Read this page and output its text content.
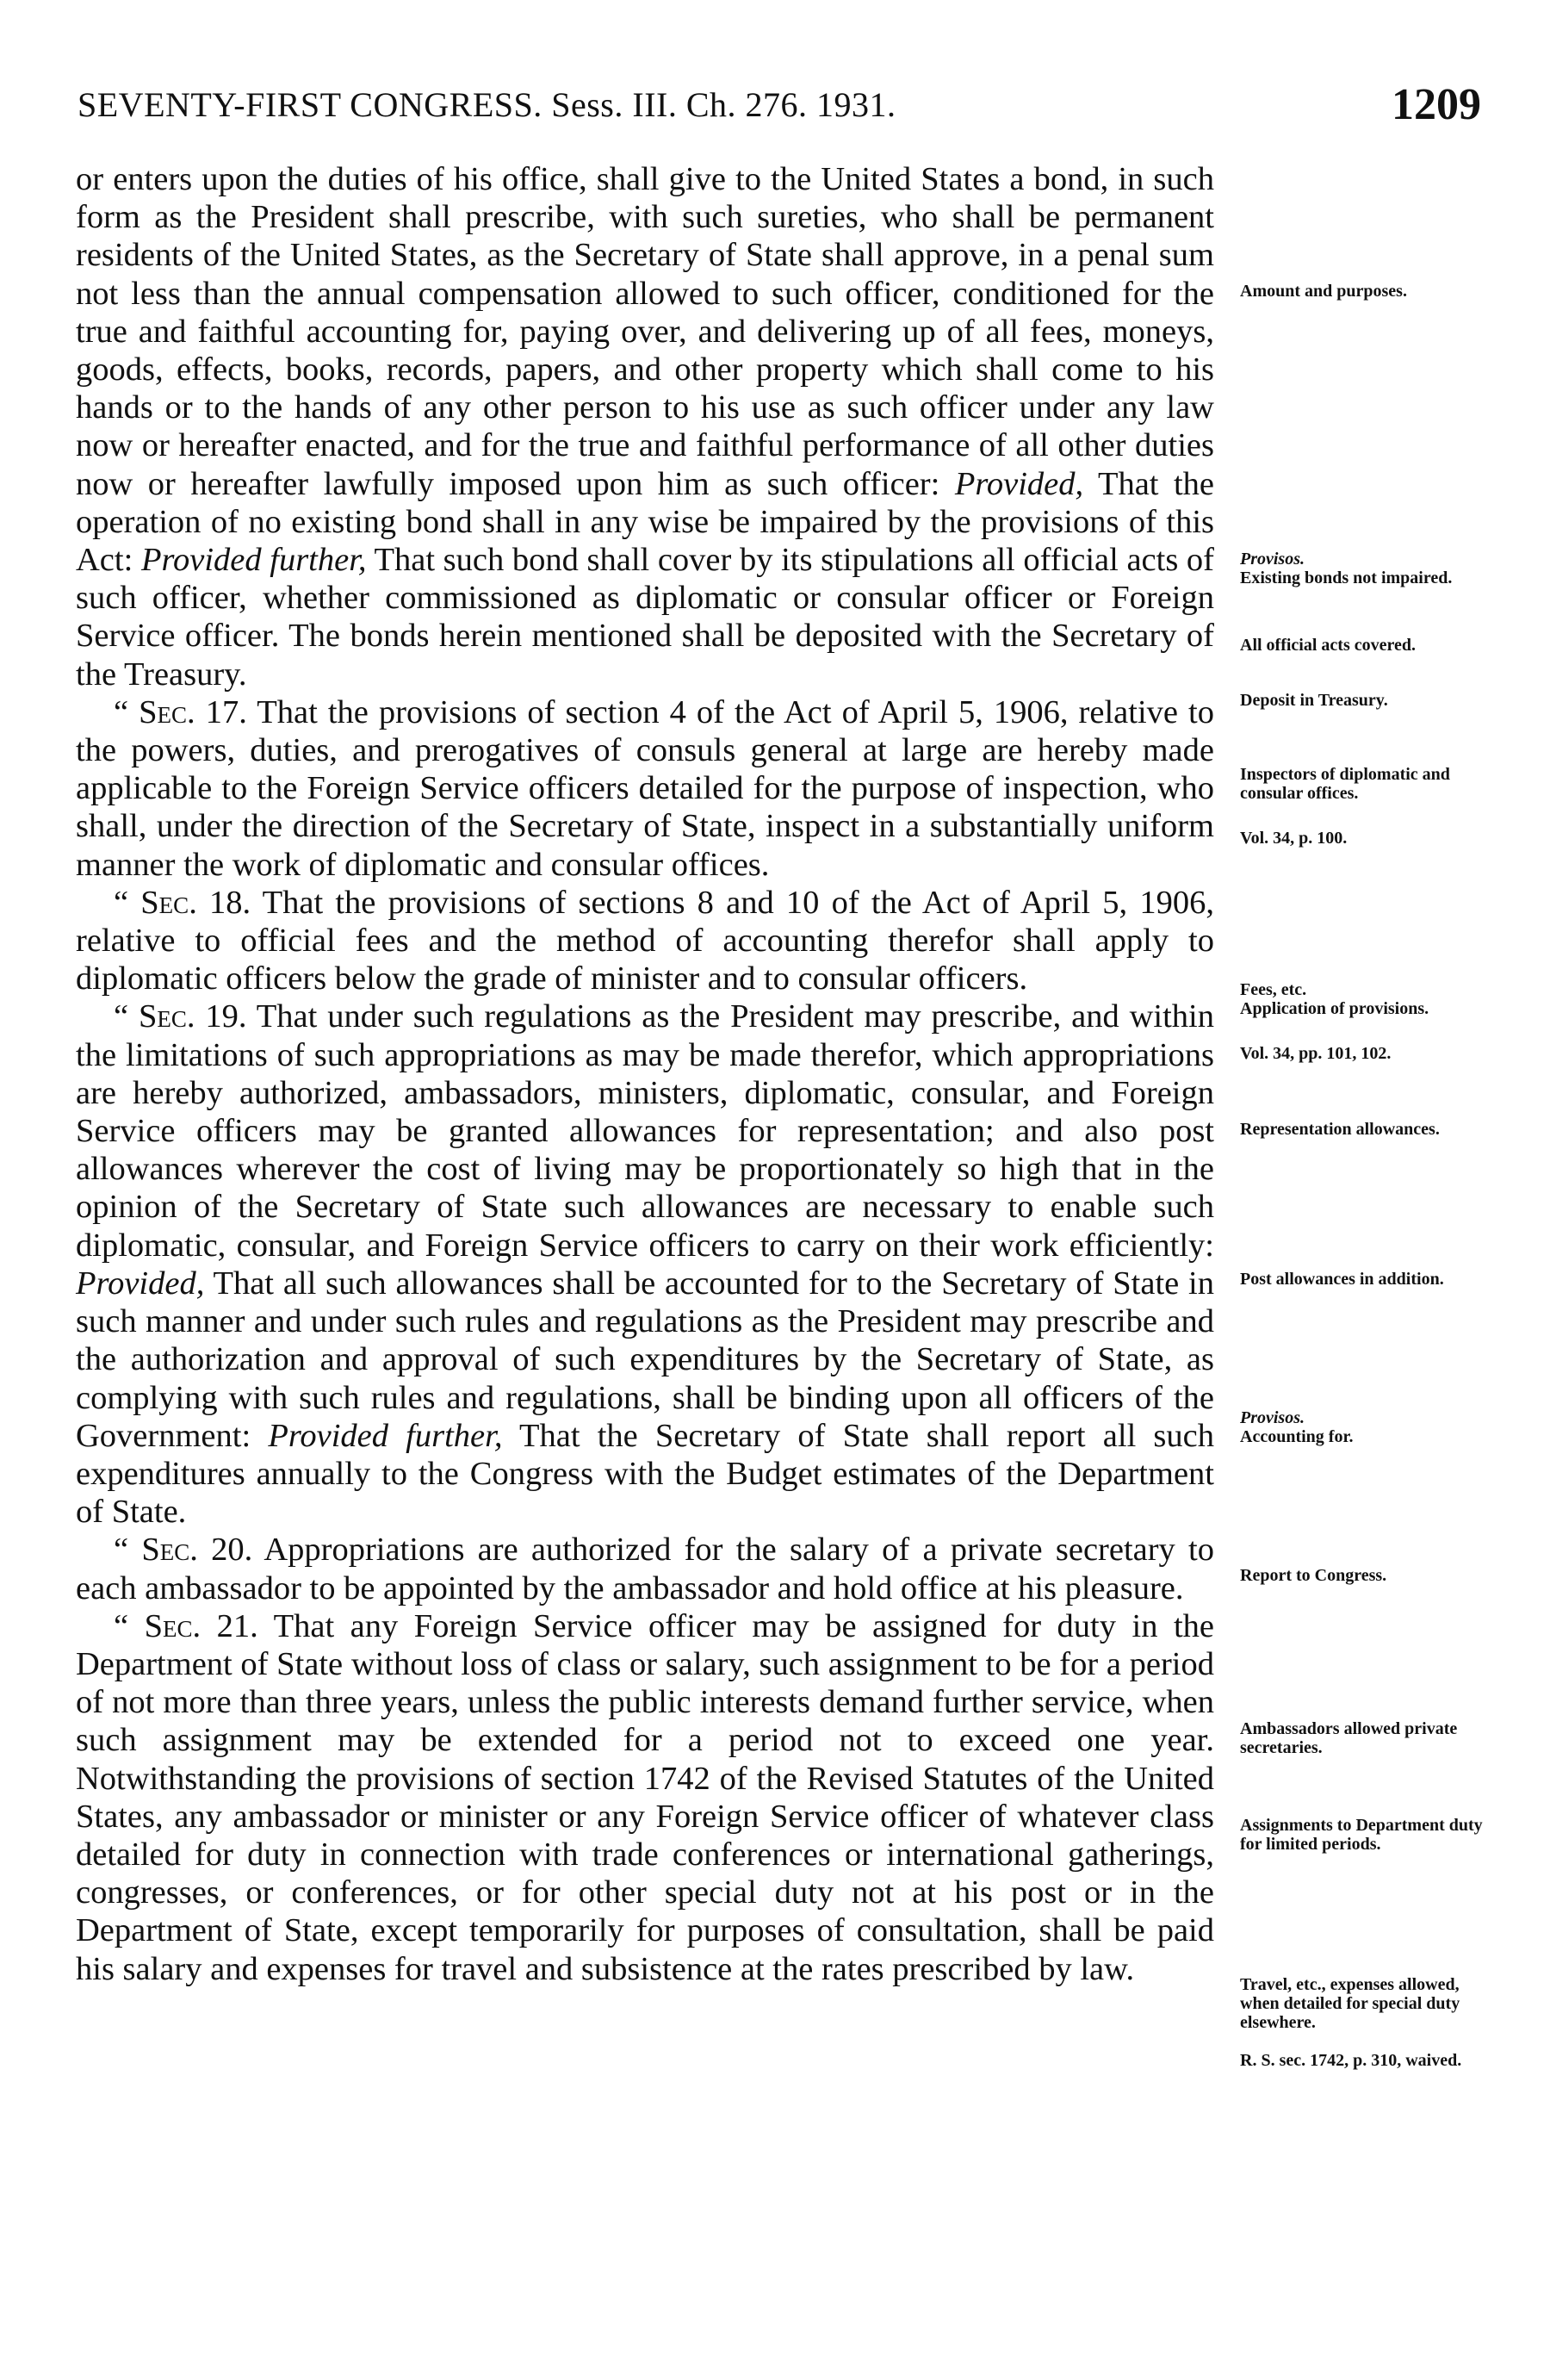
SEVENTY-FIRST CONGRESS. Sess. III. Ch. 276. 1931.	1209

or enters upon the duties of his office, shall give to the United States a bond, in such form as the President shall prescribe, with such sureties, who shall be permanent residents of the United States, as the Secretary of State shall approve, in a penal sum not less than the annual compensation allowed to such officer, conditioned for the true and faithful accounting for, paying over, and delivering up of all fees, moneys, goods, effects, books, records, papers, and other property which shall come to his hands or to the hands of any other person to his use as such officer under any law now or hereafter enacted, and for the true and faithful performance of all other duties now or hereafter lawfully imposed upon him as such officer: Provided, That the operation of no existing bond shall in any wise be impaired by the provisions of this Act: Provided further, That such bond shall cover by its stipulations all official acts of such officer, whether commissioned as diplomatic or consular officer or Foreign Service officer. The bonds herein mentioned shall be deposited with the Secretary of the Treasury.

“ Sec. 17. That the provisions of section 4 of the Act of April 5, 1906, relative to the powers, duties, and prerogatives of consuls general at large are hereby made applicable to the Foreign Service officers detailed for the purpose of inspection, who shall, under the direction of the Secretary of State, inspect in a substantially uniform manner the work of diplomatic and consular offices.

“ Sec. 18. That the provisions of sections 8 and 10 of the Act of April 5, 1906, relative to official fees and the method of accounting therefor shall apply to diplomatic officers below the grade of minister and to consular officers.

“ Sec. 19. That under such regulations as the President may prescribe, and within the limitations of such appropriations as may be made therefor, which appropriations are hereby authorized, ambassadors, ministers, diplomatic, consular, and Foreign Service officers may be granted allowances for representation; and also post allowances wherever the cost of living may be proportionately so high that in the opinion of the Secretary of State such allowances are necessary to enable such diplomatic, consular, and Foreign Service officers to carry on their work efficiently: Provided, That all such allowances shall be accounted for to the Secretary of State in such manner and under such rules and regulations as the President may prescribe and the authorization and approval of such expenditures by the Secretary of State, as complying with such rules and regulations, shall be binding upon all officers of the Government: Provided further, That the Secretary of State shall report all such expenditures annually to the Congress with the Budget estimates of the Department of State.

“ Sec. 20. Appropriations are authorized for the salary of a private secretary to each ambassador to be appointed by the ambassador and hold office at his pleasure.

“ Sec. 21. That any Foreign Service officer may be assigned for duty in the Department of State without loss of class or salary, such assignment to be for a period of not more than three years, unless the public interests demand further service, when such assignment may be extended for a period not to exceed one year. Notwithstanding the provisions of section 1742 of the Revised Statutes of the United States, any ambassador or minister or any Foreign Service officer of whatever class detailed for duty in connection with trade conferences or international gatherings, congresses, or conferences, or for other special duty not at his post or in the Department of State, except temporarily for purposes of consultation, shall be paid his salary and expenses for travel and subsistence at the rates prescribed by law.

Amount and purposes.
Provisos.
Existing bonds not impaired.
All official acts covered.
Deposit in Treasury.
Inspectors of diplomatic and consular offices.
Vol. 34, p. 100.
Fees, etc.
Application of provisions.
Vol. 34, pp. 101, 102.
Representation allowances.
Post allowances in addition.
Provisos.
Accounting for.
Report to Congress.
Ambassadors allowed private secretaries.
Assignments to Department duty for limited periods.
Travel, etc., expenses allowed, when detailed for special duty elsewhere.
R. S. sec. 1742, p. 310, waived.
